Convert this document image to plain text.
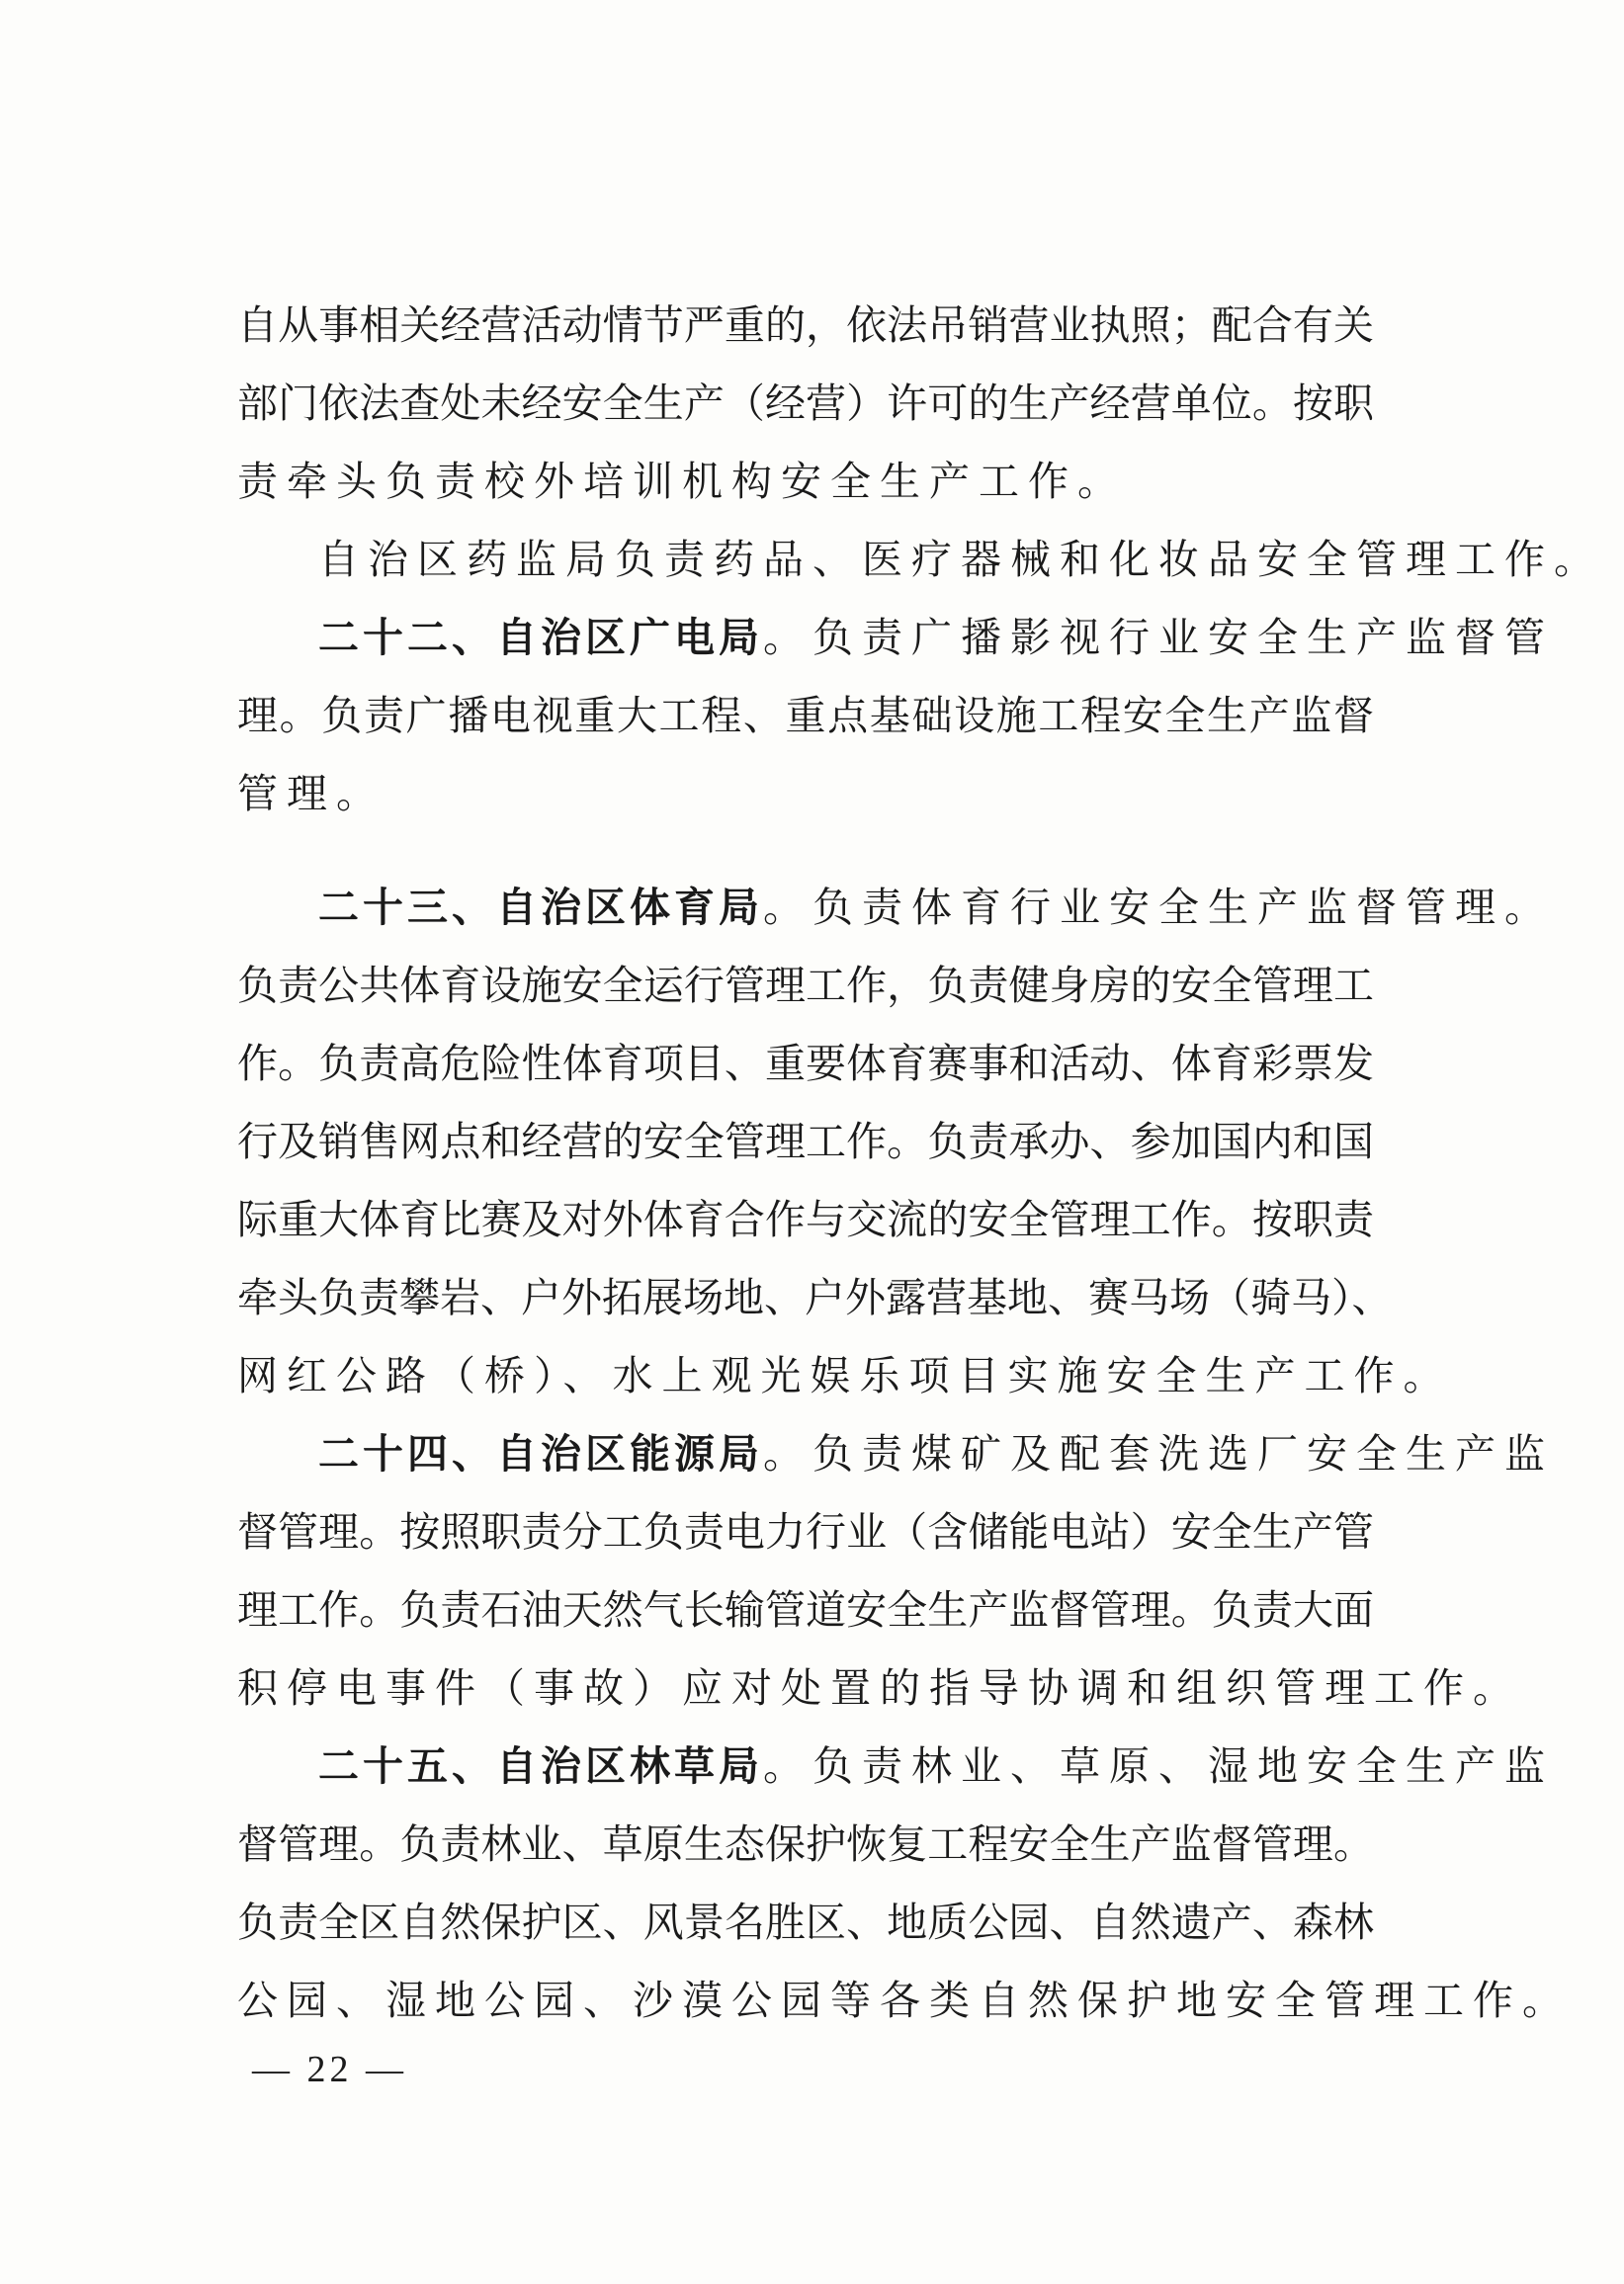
自从事相关经营活动情节严重的，依法吊销营业执照；配合有关
部门依法查处未经安全生产（经营）许可的生产经营单位。按职
责牵头负责校外培训机构安全生产工作。
自治区药监局负责药品、医疗器械和化妆品安全管理工作。
二十二、自治区广电局。负责广播影视行业安全生产监督管
理。负责广播电视重大工程、重点基础设施工程安全生产监督
管理。
二十三、自治区体育局。负责体育行业安全生产监督管理。
负责公共体育设施安全运行管理工作，负责健身房的安全管理工
作。负责高危险性体育项目、重要体育赛事和活动、体育彩票发
行及销售网点和经营的安全管理工作。负责承办、参加国内和国
际重大体育比赛及对外体育合作与交流的安全管理工作。按职责
牵头负责攀岩、户外拓展场地、户外露营基地、赛马场（骑马）、
网红公路（桥）、水上观光娱乐项目实施安全生产工作。
二十四、自治区能源局。负责煤矿及配套洗选厂安全生产监
督管理。按照职责分工负责电力行业（含储能电站）安全生产管
理工作。负责石油天然气长输管道安全生产监督管理。负责大面
积停电事件（事故）应对处置的指导协调和组织管理工作。
二十五、自治区林草局。负责林业、草原、湿地安全生产监
督管理。负责林业、草原生态保护恢复工程安全生产监督管理。
负责全区自然保护区、风景名胜区、地质公园、自然遗产、森林
公园、湿地公园、沙漠公园等各类自然保护地安全管理工作。
— 22 —
